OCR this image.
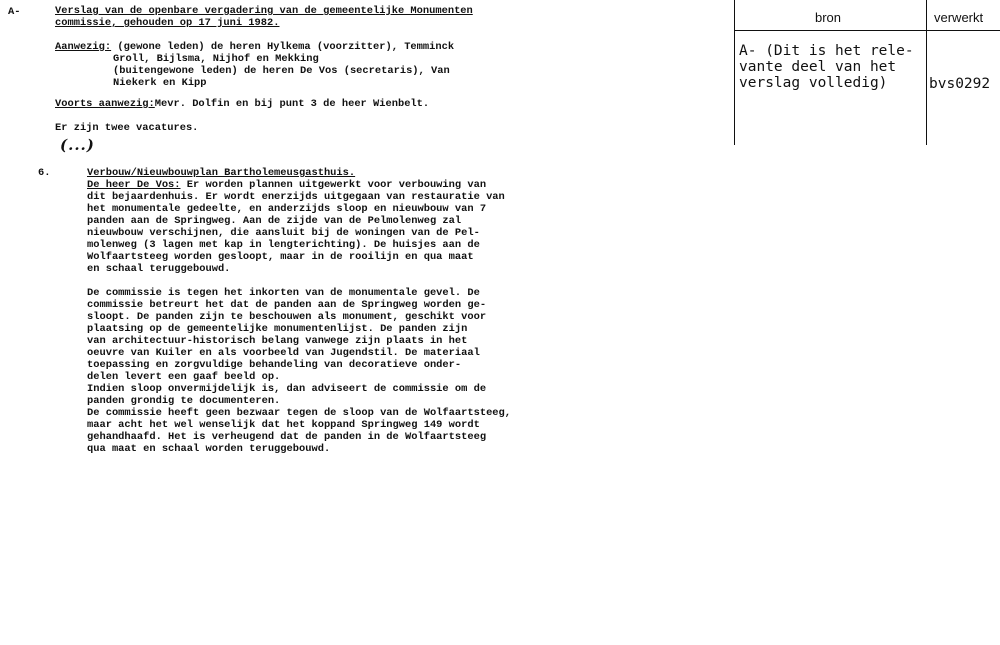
A-	Verslag van de openbare vergadering van de gemeentelijke Monumenten
commissie, gehouden op 17 juni 1982.
Aanwezig: (gewone leden) de heren Hylkema (voorzitter), Temminck
Groll, Bijlsma, Nijhof en Mekking
(buitengewone leden) de heren De Vos (secretaris), Van
Niekerk en Kipp
Voorts aanwezig:Mevr. Dolfin en bij punt 3 de heer Wienbelt.
Er zijn twee vacatures.
(...)
6.	Verbouw/Nieuwbouwplan Bartholemeusgasthuis.
De heer De Vos: Er worden plannen uitgewerkt voor verbouwing van
dit bejaardenhuis. Er wordt enerzijds uitgegaan van restauratie van
het monumentale gedeelte, en anderzijds sloop en nieuwbouw van 7
panden aan de Springweg. Aan de zijde van de Pelmolenweg zal
nieuwbouw verschijnen, die aansluit bij de woningen van de Pel-
molenweg (3 lagen met kap in lengterichting). De huisjes aan de
Wolfaartsteeg worden gesloopt, maar in de rooilijn en qua maat
en schaal teruggebouwd.
De commissie is tegen het inkorten van de monumentale gevel. De
commissie betreurt het dat de panden aan de Springweg worden ge-
sloopt. De panden zijn te beschouwen als monument, geschikt voor
plaatsing op de gemeentelijke monumentenlijst. De panden zijn
van architectuur-historisch belang vanwege zijn plaats in het
oeuvre van Kuiler en als voorbeeld van Jugendstil. De materiaal
toepassing en zorgvuldige behandeling van decoratieve onder-
delen levert een gaaf beeld op.
Indien sloop onvermijdelijk is, dan adviseert de commissie om de
panden grondig te documenteren.
De commissie heeft geen bezwaar tegen de sloop van de Wolfaartsteeg,
maar acht het wel wenselijk dat het koppand Springweg 149 wordt
gehandhaafd. Het is verheugend dat de panden in de Wolfaartsteeg
qua maat en schaal worden teruggebouwd.
bron	verwerkt
A- (Dit is het rele-
vante deel van het
verslag volledig)	bvs0292
